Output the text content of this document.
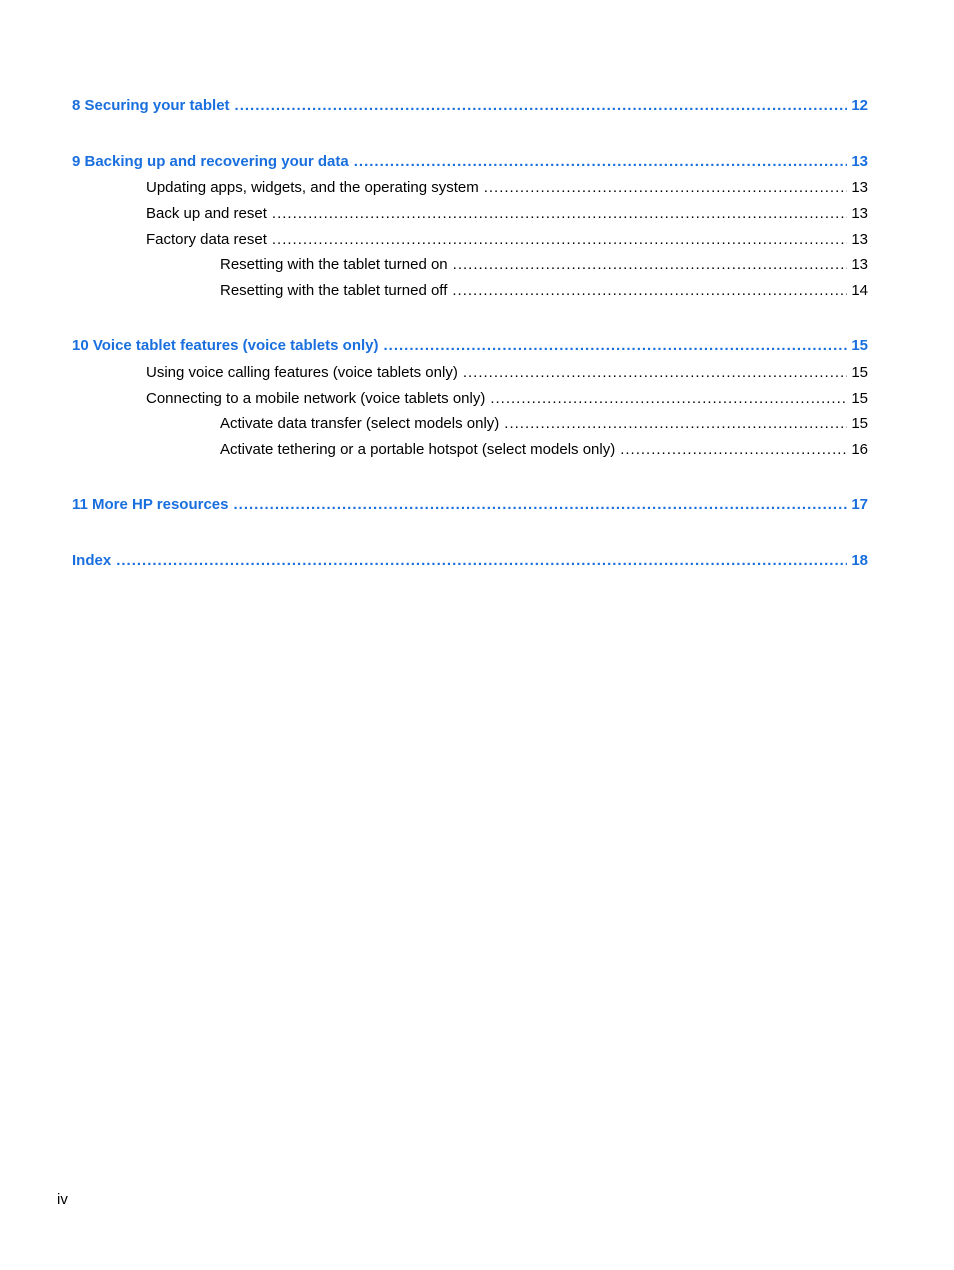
8 Securing your tablet .....	12
9 Backing up and recovering your data .....	13
Updating apps, widgets, and the operating system .....	13
Back up and reset .....	13
Factory data reset .....	13
Resetting with the tablet turned on .....	13
Resetting with the tablet turned off .....	14
10 Voice tablet features (voice tablets only) .....	15
Using voice calling features (voice tablets only) .....	15
Connecting to a mobile network (voice tablets only) .....	15
Activate data transfer (select models only) .....	15
Activate tethering or a portable hotspot (select models only) .....	16
11 More HP resources .....	17
Index .....	18
iv
